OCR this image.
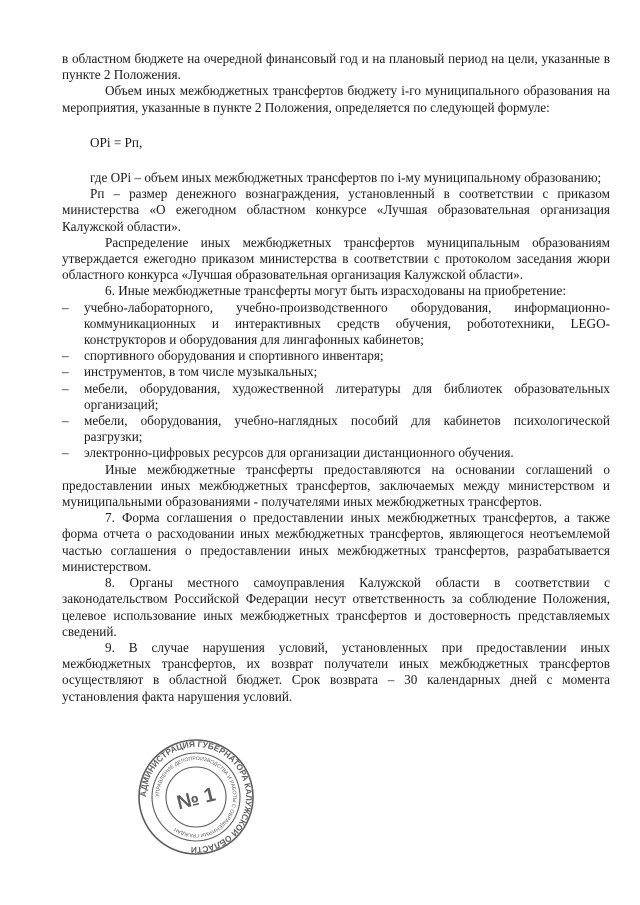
в областном бюджете на очередной финансовый год и на плановый период на цели, указанные в пункте 2 Положения.

Объем иных межбюджетных трансфертов бюджету i-го муниципального образования на мероприятия, указанные в пункте 2 Положения, определяется по следующей формуле:

ОPi = Рп,

где ОPi – объем иных межбюджетных трансфертов по i-му муниципальному образованию;

Рп – размер денежного вознаграждения, установленный в соответствии с приказом министерства «О ежегодном областном конкурсе «Лучшая образовательная организация Калужской области».

Распределение иных межбюджетных трансфертов муниципальным образованиям утверждается ежегодно приказом министерства в соответствии с протоколом заседания жюри областного конкурса «Лучшая образовательная организация Калужской области».

6. Иные межбюджетные трансферты могут быть израсходованы на приобретение:

–	учебно-лабораторного, учебно-производственного оборудования, информационно-коммуникационных и интерактивных средств обучения, робототехники, LEGO-конструкторов и оборудования для лингафонных кабинетов;
–	спортивного оборудования и спортивного инвентаря;
–	инструментов, в том числе музыкальных;
–	мебели, оборудования, художественной литературы для библиотек образовательных организаций;
–	мебели, оборудования, учебно-наглядных пособий для кабинетов психологической разгрузки;
–	электронно-цифровых ресурсов для организации дистанционного обучения.

Иные межбюджетные трансферты предоставляются на основании соглашений о предоставлении иных межбюджетных трансфертов, заключаемых между министерством и муниципальными образованиями - получателями иных межбюджетных трансфертов.

7. Форма соглашения о предоставлении иных межбюджетных трансфертов, а также форма отчета о расходовании иных межбюджетных трансфертов, являющегося неотъемлемой частью соглашения о предоставлении иных межбюджетных трансфертов, разрабатывается министерством.

8. Органы местного самоуправления Калужской области в соответствии с законодательством Российской Федерации несут ответственность за соблюдение Положения, целевое использование иных межбюджетных трансфертов и достоверность представляемых сведений.

9. В случае нарушения условий, установленных при предоставлении иных межбюджетных трансфертов, их возврат получатели иных межбюджетных трансфертов осуществляют в областной бюджет. Срок возврата – 30 календарных дней с момента установления факта нарушения условий.

АДМИНИСТРАЦИЯ ГУБЕРНАТОРА КАЛУЖСКОЙ ОБЛАСТИ
УПРАВЛЕНИЕ ДЕЛОПРОИЗВОДСТВА И РАБОТЫ С ОБРАЩЕНИЯМИ ГРАЖДАН
№ 1
